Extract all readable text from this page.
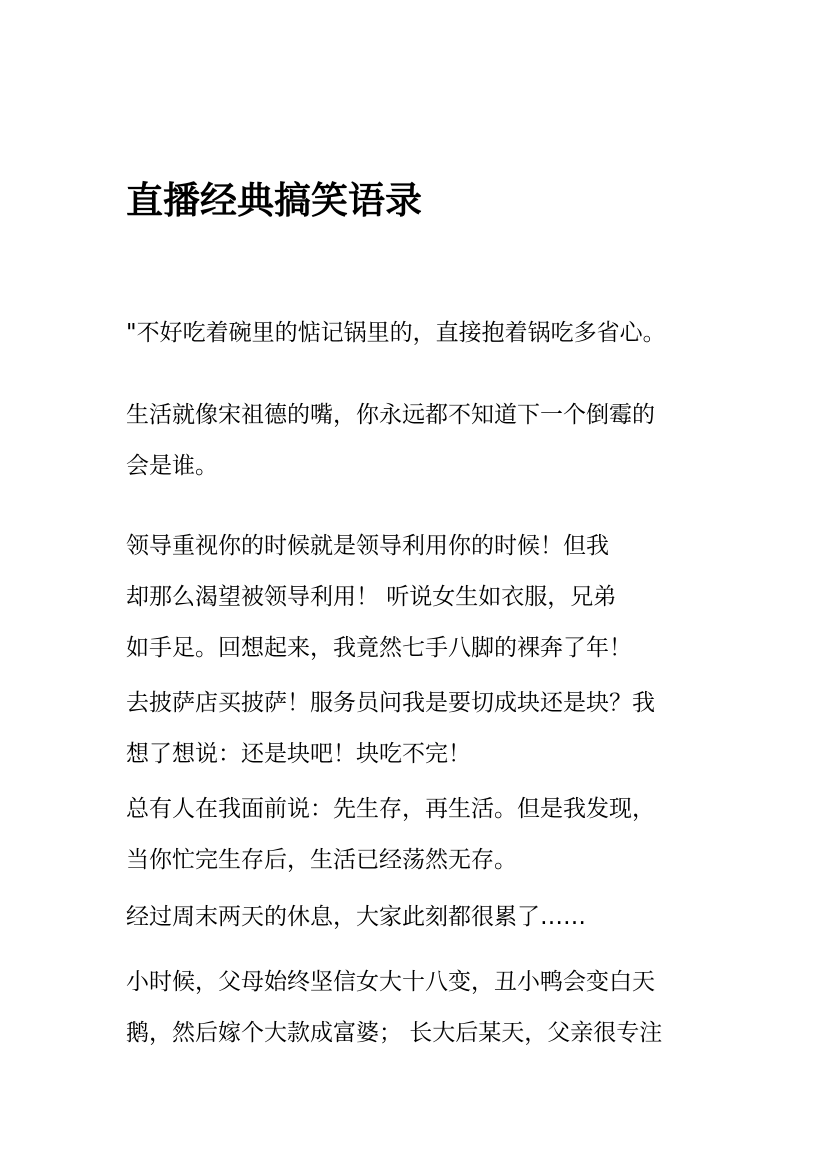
直播经典搞笑语录

"不好吃着碗里的惦记锅里的，直接抱着锅吃多省心。

生活就像宋祖德的嘴，你永远都不知道下一个倒霉的

会是谁。

领导重视你的时候就是领导利用你的时候！但我

却那么渴望被领导利用！ 听说女生如衣服，兄弟

如手足。回想起来，我竟然七手八脚的裸奔了年！

去披萨店买披萨！服务员问我是要切成块还是块？我

想了想说：还是块吧！块吃不完！

总有人在我面前说：先生存，再生活。但是我发现，

当你忙完生存后，生活已经荡然无存。

经过周末两天的休息，大家此刻都很累了……

小时候，父母始终坚信女大十八变，丑小鸭会变白天

鹅，然后嫁个大款成富婆； 长大后某天，父亲很专注
